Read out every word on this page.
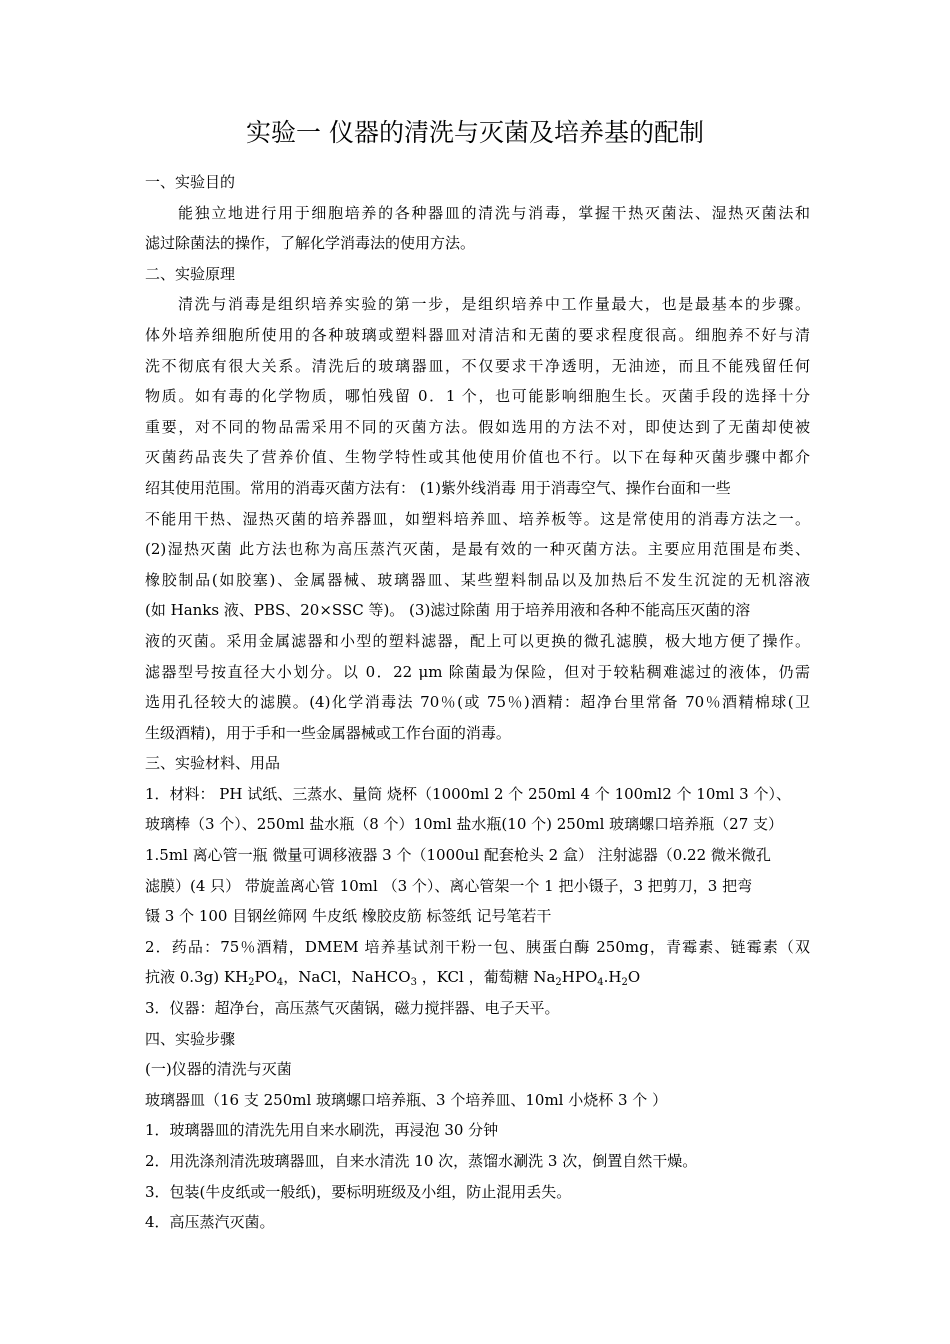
实验一 仪器的清洗与灭菌及培养基的配制
一、实验目的
能独立地进行用于细胞培养的各种器皿的清洗与消毒，掌握干热灭菌法、湿热灭菌法和
滤过除菌法的操作，了解化学消毒法的使用方法。
二、实验原理
清洗与消毒是组织培养实验的第一步，是组织培养中工作量最大，也是最基本的步骤。
体外培养细胞所使用的各种玻璃或塑料器皿对清洁和无菌的要求程度很高。细胞养不好与清
洗不彻底有很大关系。清洗后的玻璃器皿，不仅要求干净透明，无油迹，而且不能残留任何
物质。如有毒的化学物质，哪怕残留 0．1 个，也可能影响细胞生长。灭菌手段的选择十分
重要，对不同的物品需采用不同的灭菌方法。假如选用的方法不对，即使达到了无菌却使被
灭菌药品丧失了营养价值、生物学特性或其他使用价值也不行。以下在每种灭菌步骤中都介
绍其使用范围。常用的消毒灭菌方法有： (1)紫外线消毒 用于消毒空气、操作台面和一些
不能用干热、湿热灭菌的培养器皿，如塑料培养皿、培养板等。这是常使用的消毒方法之一。
(2)湿热灭菌 此方法也称为高压蒸汽灭菌，是最有效的一种灭菌方法。主要应用范围是布类、
橡胶制品(如胶塞)、金属器械、玻璃器皿、某些塑料制品以及加热后不发生沉淀的无机溶液
(如 Hanks 液、PBS、20×SSC 等)。 (3)滤过除菌 用于培养用液和各种不能高压灭菌的溶
液的灭菌。采用金属滤器和小型的塑料滤器，配上可以更换的微孔滤膜，极大地方便了操作。
滤器型号按直径大小划分。以 0．22 μm 除菌最为保险，但对于较粘稠难滤过的液体，仍需
选用孔径较大的滤膜。(4)化学消毒法 70％(或 75％)酒精：超净台里常备 70％酒精棉球(卫
生级酒精)，用于手和一些金属器械或工作台面的消毒。
三、实验材料、用品
1．材料： PH 试纸、三蒸水、量筒 烧杯（1000ml 2 个 250ml 4 个 100ml2 个 10ml 3 个）、
玻璃棒（3 个）、250ml 盐水瓶（8 个）10ml 盐水瓶(10 个) 250ml 玻璃螺口培养瓶（27 支）
1.5ml 离心管一瓶 微量可调移液器 3 个（1000ul 配套枪头 2 盒） 注射滤器（0.22 微米微孔
滤膜）(4 只） 带旋盖离心管 10ml （3 个）、离心管架一个 1 把小镊子，3 把剪刀，3 把弯
镊 3 个 100 目钢丝筛网 牛皮纸 橡胶皮筋 标签纸 记号笔若干
2．药品：75％酒精，DMEM 培养基试剂干粉一包、胰蛋白酶 250mg，青霉素、链霉素（双
抗液 0.3g) $KH_2PO_4$，NaCl，NaHCO$_3$ ，KCl ，葡萄糖 $Na_2HPO_4.H_2O$
3．仪器：超净台，高压蒸气灭菌锅，磁力搅拌器、电子天平。
四、实验步骤
(一)仪器的清洗与灭菌
玻璃器皿（16 支 250ml 玻璃螺口培养瓶、3 个培养皿、10ml 小烧杯 3 个 ）
1．玻璃器皿的清洗先用自来水刷洗，再浸泡 30 分钟
2．用洗涤剂清洗玻璃器皿，自来水清洗 10 次，蒸馏水涮洗 3 次，倒置自然干燥。
3．包装(牛皮纸或一般纸)，要标明班级及小组，防止混用丢失。
4．高压蒸汽灭菌。
